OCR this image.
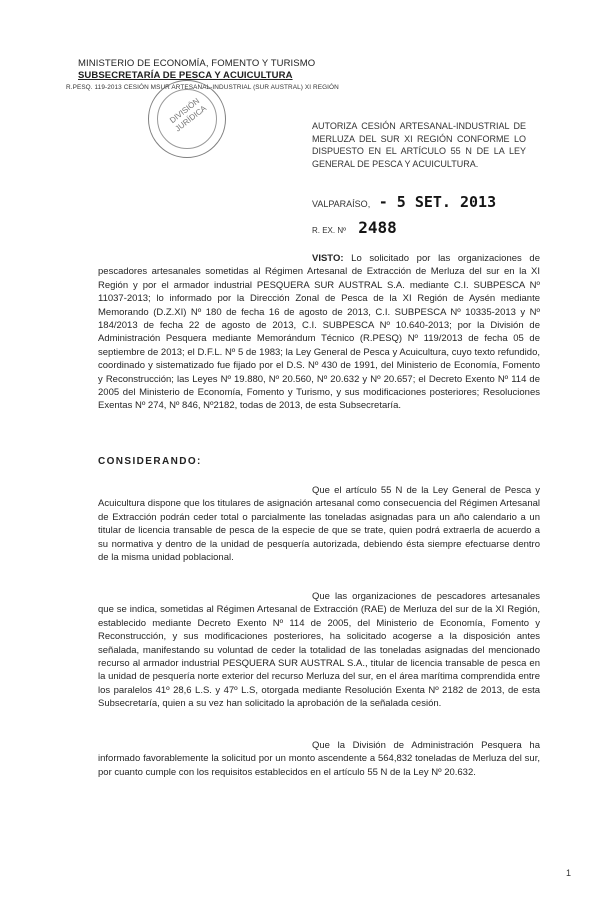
MINISTERIO DE ECONOMÍA, FOMENTO Y TURISMO
SUBSECRETARÍA DE PESCA Y ACUICULTURA
R.PESQ. 119-2013 CESIÓN MSUR ARTESANAL-INDUSTRIAL (SUR AUSTRAL) XI REGIÓN
DIVISIÓN JURÍDICA	AUTORIZA CESIÓN ARTESANAL-INDUSTRIAL DE MERLUZA DEL SUR XI REGIÓN CONFORME LO DISPUESTO EN EL ARTÍCULO 55 N DE LA LEY GENERAL DE PESCA Y ACUICULTURA.
VALPARAÍSO, - 5 SET. 2013
R. EX. Nº 2488
VISTO: Lo solicitado por las organizaciones de pescadores artesanales sometidas al Régimen Artesanal de Extracción de Merluza del sur en la XI Región y por el armador industrial PESQUERA SUR AUSTRAL S.A. mediante C.I. SUBPESCA Nº 11037-2013; lo informado por la Dirección Zonal de Pesca de la XI Región de Aysén mediante Memorando (D.Z.XI) Nº 180 de fecha 16 de agosto de 2013, C.I. SUBPESCA Nº 10335-2013 y Nº 184/2013 de fecha 22 de agosto de 2013, C.I. SUBPESCA Nº 10.640-2013; por la División de Administración Pesquera mediante Memorándum Técnico (R.PESQ) Nº 119/2013 de fecha 05 de septiembre de 2013; el D.F.L. Nº 5 de 1983; la Ley General de Pesca y Acuicultura, cuyo texto refundido, coordinado y sistematizado fue fijado por el D.S. Nº 430 de 1991, del Ministerio de Economía, Fomento y Reconstrucción; las Leyes Nº 19.880, Nº 20.560, Nº 20.632 y Nº 20.657; el Decreto Exento Nº 114 de 2005 del Ministerio de Economía, Fomento y Turismo, y sus modificaciones posteriores; Resoluciones Exentas Nº 274, Nº 846, Nº2182, todas de 2013, de esta Subsecretaría.
CONSIDERANDO:
Que el artículo 55 N de la Ley General de Pesca y Acuicultura dispone que los titulares de asignación artesanal como consecuencia del Régimen Artesanal de Extracción podrán ceder total o parcialmente las toneladas asignadas para un año calendario a un titular de licencia transable de pesca de la especie de que se trate, quien podrá extraerla de acuerdo a su normativa y dentro de la unidad de pesquería autorizada, debiendo ésta siempre efectuarse dentro de la misma unidad poblacional.
Que las organizaciones de pescadores artesanales que se indica, sometidas al Régimen Artesanal de Extracción (RAE) de Merluza del sur de la XI Región, establecido mediante Decreto Exento Nº 114 de 2005, del Ministerio de Economía, Fomento y Reconstrucción, y sus modificaciones posteriores, ha solicitado acogerse a la disposición antes señalada, manifestando su voluntad de ceder la totalidad de las toneladas asignadas del mencionado recurso al armador industrial PESQUERA SUR AUSTRAL S.A., titular de licencia transable de pesca en la unidad de pesquería norte exterior del recurso Merluza del sur, en el área marítima comprendida entre los paralelos 41º 28,6 L.S. y 47º L.S, otorgada mediante Resolución Exenta Nº 2182 de 2013, de esta Subsecretaría, quien a su vez han solicitado la aprobación de la señalada cesión.
Que la División de Administración Pesquera ha informado favorablemente la solicitud por un monto ascendente a 564,832 toneladas de Merluza del sur, por cuanto cumple con los requisitos establecidos en el artículo 55 N de la Ley Nº 20.632.
1
